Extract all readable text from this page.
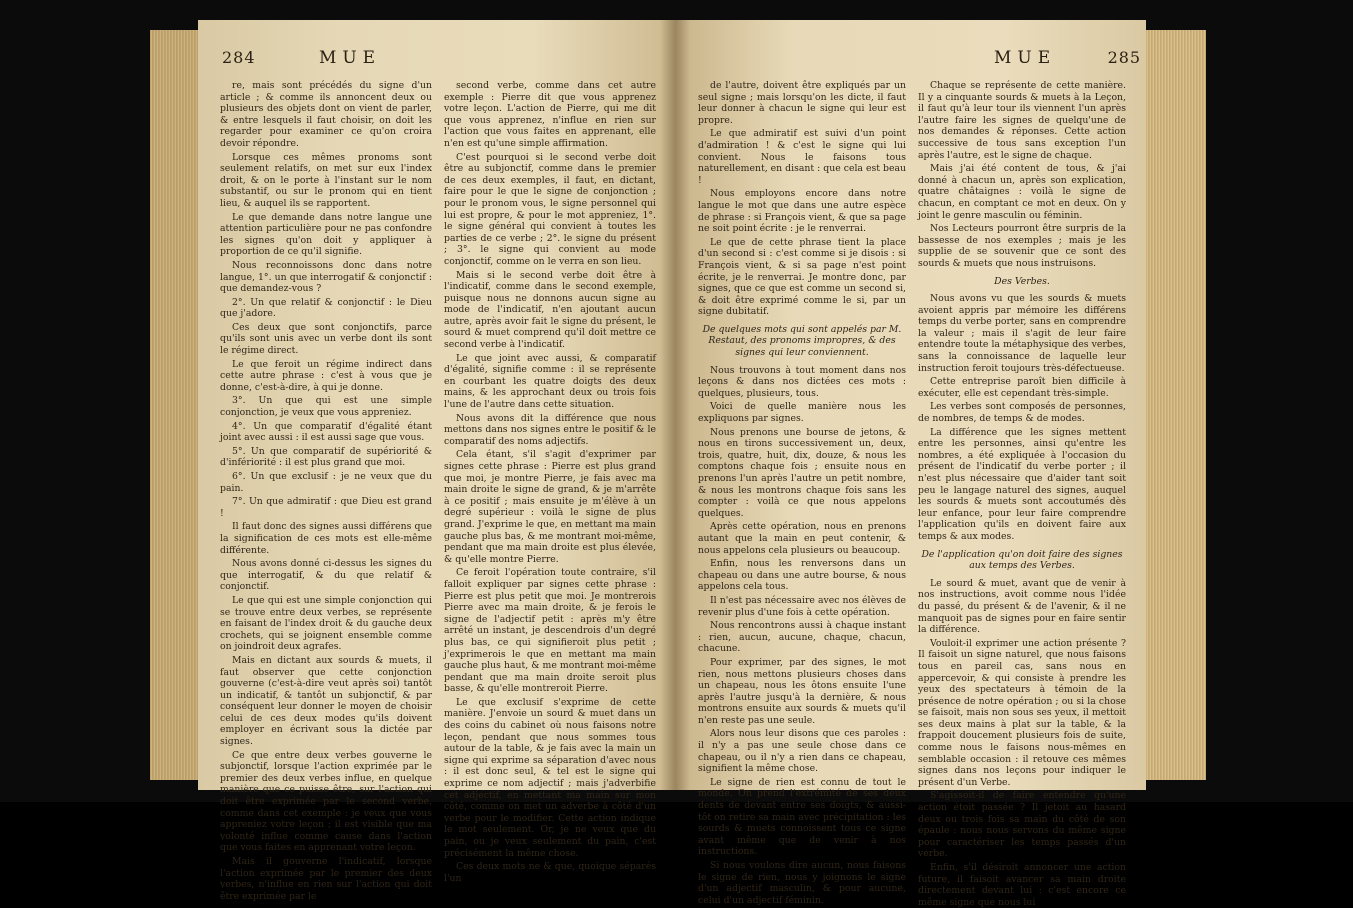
284	MUE

re, mais sont précédés du signe d'un article ; & comme ils annoncent deux ou plusieurs des objets dont on vient de parler, & entre lesquels il faut choisir, on doit les regarder pour examiner ce qu'on croira devoir répondre.

Lorsque ces mêmes pronoms sont seulement relatifs, on met sur eux l'index droit, & on le porte à l'instant sur le nom substantif, ou sur le pronom qui en tient lieu, & auquel ils se rapportent.

Le que demande dans notre langue une attention particulière pour ne pas confondre les signes qu'on doit y appliquer à proportion de ce qu'il signifie.

Nous reconnoissons donc dans notre langue, 1°. un que interrogatif & conjonctif : que demandez-vous ?

2°. Un que relatif & conjonctif : le Dieu que j'adore.

Ces deux que sont conjonctifs, parce qu'ils sont unis avec un verbe dont ils sont le régime direct.

Le que feroit un régime indirect dans cette autre phrase : c'est à vous que je donne, c'est-à-dire, à qui je donne.

3°. Un que qui est une simple conjonction, je veux que vous appreniez.

4°. Un que comparatif d'égalité étant joint avec aussi : il est aussi sage que vous.

5°. Un que comparatif de supériorité & d'infériorité : il est plus grand que moi.

6°. Un que exclusif : je ne veux que du pain.

7°. Un que admiratif : que Dieu est grand !

Il faut donc des signes aussi différens que la signification de ces mots est elle-même différente.

Nous avons donné ci-dessus les signes du que interrogatif, & du que relatif & conjonctif.

Le que qui est une simple conjonction qui se trouve entre deux verbes, se représente en faisant de l'index droit & du gauche deux crochets, qui se joignent ensemble comme on joindroit deux agrafes.

Mais en dictant aux sourds & muets, il faut observer que cette conjonction gouverne (c'est-à-dire veut après soi) tantôt un indicatif, & tantôt un subjonctif, & par conséquent leur donner le moyen de choisir celui de ces deux modes qu'ils doivent employer en écrivant sous la dictée par signes.

Ce que entre deux verbes gouverne le subjonctif, lorsque l'action exprimée par le premier des deux verbes influe, en quelque manière que ce puisse être, sur l'action qui doit être exprimée par le second verbe, comme dans cet exemple : je veux que vous appreniez votre leçon ; il est visible que ma volonté influe comme cause dans l'action que vous faites en apprenant votre leçon.

Mais il gouverne l'indicatif, lorsque l'action exprimée par le premier des deux verbes, n'influe en rien sur l'action qui doit être exprimée par le

second verbe, comme dans cet autre exemple : Pierre dit que vous apprenez votre leçon. L'action de Pierre, qui me dit que vous apprenez, n'influe en rien sur l'action que vous faites en apprenant, elle n'en est qu'une simple affirmation.

C'est pourquoi si le second verbe doit être au subjonctif, comme dans le premier de ces deux exemples, il faut, en dictant, faire pour le que le signe de conjonction ; pour le pronom vous, le signe personnel qui lui est propre, & pour le mot appreniez, 1°. le signe général qui convient à toutes les parties de ce verbe ; 2°. le signe du présent ; 3°. le signe qui convient au mode conjonctif, comme on le verra en son lieu.

Mais si le second verbe doit être à l'indicatif, comme dans le second exemple, puisque nous ne donnons aucun signe au mode de l'indicatif, n'en ajoutant aucun autre, après avoir fait le signe du présent, le sourd & muet comprend qu'il doit mettre ce second verbe à l'indicatif.

Le que joint avec aussi, & comparatif d'égalité, signifie comme : il se représente en courbant les quatre doigts des deux mains, & les approchant deux ou trois fois l'une de l'autre dans cette situation.

Nous avons dit la différence que nous mettons dans nos signes entre le positif & le comparatif des noms adjectifs.

Cela étant, s'il s'agit d'exprimer par signes cette phrase : Pierre est plus grand que moi, je montre Pierre, je fais avec ma main droite le signe de grand, & je m'arrête à ce positif ; mais ensuite je m'élève à un degré supérieur : voilà le signe de plus grand. J'exprime le que, en mettant ma main gauche plus bas, & me montrant moi-même, pendant que ma main droite est plus élevée, & qu'elle montre Pierre.

Ce feroit l'opération toute contraire, s'il falloit expliquer par signes cette phrase : Pierre est plus petit que moi. Je montrerois Pierre avec ma main droite, & je ferois le signe de l'adjectif petit : après m'y être arrêté un instant, je descendrois d'un degré plus bas, ce qui signifieroit plus petit ; j'exprimerois le que en mettant ma main gauche plus haut, & me montrant moi-même pendant que ma main droite seroit plus basse, & qu'elle montreroit Pierre.

Le que exclusif s'exprime de cette manière. J'envoie un sourd & muet dans un des coins du cabinet où nous faisons notre leçon, pendant que nous sommes tous autour de la table, & je fais avec la main un signe qui exprime sa séparation d'avec nous : il est donc seul, & tel est le signe qui exprime ce nom adjectif ; mais j'adverbifie cet adjectif, en mettant ma main sur mon côté, comme on met un adverbe à côté d'un verbe pour le modifier. Cette action indique le mot seulement. Or, je ne veux que du pain, ou je veux seulement du pain, c'est précisément la même chose.

Ces deux mots ne & que, quoique séparés l'un

MUE	285

de l'autre, doivent être expliqués par un seul signe ; mais lorsqu'on les dicte, il faut leur donner à chacun le signe qui leur est propre.

Le que admiratif est suivi d'un point d'admiration ! & c'est le signe qui lui convient. Nous le faisons tous naturellement, en disant : que cela est beau !

Nous employons encore dans notre langue le mot que dans une autre espèce de phrase : si François vient, & que sa page ne soit point écrite : je le renverrai.

Le que de cette phrase tient la place d'un second si : c'est comme si je disois : si François vient, & si sa page n'est point écrite, je le renverrai. Je montre donc, par signes, que ce que est comme un second si, & doit être exprimé comme le si, par un signe dubitatif.

De quelques mots qui sont appelés par M. Restaut, des pronoms impropres, & des signes qui leur conviennent.

Nous trouvons à tout moment dans nos leçons & dans nos dictées ces mots : quelques, plusieurs, tous.

Voici de quelle manière nous les expliquons par signes.

Nous prenons une bourse de jetons, & nous en tirons successivement un, deux, trois, quatre, huit, dix, douze, & nous les comptons chaque fois ; ensuite nous en prenons l'un après l'autre un petit nombre, & nous les montrons chaque fois sans les compter : voilà ce que nous appelons quelques.

Après cette opération, nous en prenons autant que la main en peut contenir, & nous appelons cela plusieurs ou beaucoup.

Enfin, nous les renversons dans un chapeau ou dans une autre bourse, & nous appelons cela tous.

Il n'est pas nécessaire avec nos élèves de revenir plus d'une fois à cette opération.

Nous rencontrons aussi à chaque instant : rien, aucun, aucune, chaque, chacun, chacune.

Pour exprimer, par des signes, le mot rien, nous mettons plusieurs choses dans un chapeau, nous les ôtons ensuite l'une après l'autre jusqu'à la dernière, & nous montrons ensuite aux sourds & muets qu'il n'en reste pas une seule.

Alors nous leur disons que ces paroles : il n'y a pas une seule chose dans ce chapeau, ou il n'y a rien dans ce chapeau, signifient la même chose.

Le signe de rien est connu de tout le monde. On prend l'extrémité de ses deux dents de devant entre ses doigts, & aussi-tôt on retire sa main avec précipitation : les sourds & muets connoissent tous ce signe avant même que de venir à nos instructions.

Si nous voulons dire aucun, nous faisons le signe de rien, nous y joignons le signe d'un adjectif masculin, & pour aucune, celui d'un adjectif féminin.

Chaque se représente de cette manière. Il y a cinquante sourds & muets à la Leçon, il faut qu'à leur tour ils viennent l'un après l'autre faire les signes de quelqu'une de nos demandes & réponses. Cette action successive de tous sans exception l'un après l'autre, est le signe de chaque.

Mais j'ai été content de tous, & j'ai donné à chacun un, après son explication, quatre châtaignes : voilà le signe de chacun, en comptant ce mot en deux. On y joint le genre masculin ou féminin.

Nos Lecteurs pourront être surpris de la bassesse de nos exemples ; mais je les supplie de se souvenir que ce sont des sourds & muets que nous instruisons.

Des Verbes.

Nous avons vu que les sourds & muets avoient appris par mémoire les différens temps du verbe porter, sans en comprendre la valeur ; mais il s'agit de leur faire entendre toute la métaphysique des verbes, sans la connoissance de laquelle leur instruction feroit toujours très-défectueuse.

Cette entreprise paroît bien difficile à exécuter, elle est cependant très-simple.

Les verbes sont composés de personnes, de nombres, de temps & de modes.

La différence que les signes mettent entre les personnes, ainsi qu'entre les nombres, a été expliquée à l'occasion du présent de l'indicatif du verbe porter ; il n'est plus nécessaire que d'aider tant soit peu le langage naturel des signes, auquel les sourds & muets sont accoutumés dès leur enfance, pour leur faire comprendre l'application qu'ils en doivent faire aux temps & aux modes.

De l'application qu'on doit faire des signes aux temps des Verbes.

Le sourd & muet, avant que de venir à nos instructions, avoit comme nous l'idée du passé, du présent & de l'avenir, & il ne manquoit pas de signes pour en faire sentir la différence.

Vouloit-il exprimer une action présente ? Il faisoit un signe naturel, que nous faisons tous en pareil cas, sans nous en appercevoir, & qui consiste à prendre les yeux des spectateurs à témoin de la présence de notre opération ; ou si la chose se faisoit, mais non sous ses yeux, il mettoit ses deux mains à plat sur la table, & la frappoit doucement plusieurs fois de suite, comme nous le faisons nous-mêmes en semblable occasion : il retouve ces mêmes signes dans nos leçons pour indiquer le présent d'un Verbe.

S'agissoit-il de faire entendre qu'une action étoit passée ? Il jetoit au hasard deux ou trois fois sa main du côté de son épaule : nous nous servons du même signe pour caractériser les temps passés d'un verbe.

Enfin, s'il désiroit annoncer une action future, il faisoit avancer sa main droite directement devant lui : c'est encore ce même signe que nous lui
